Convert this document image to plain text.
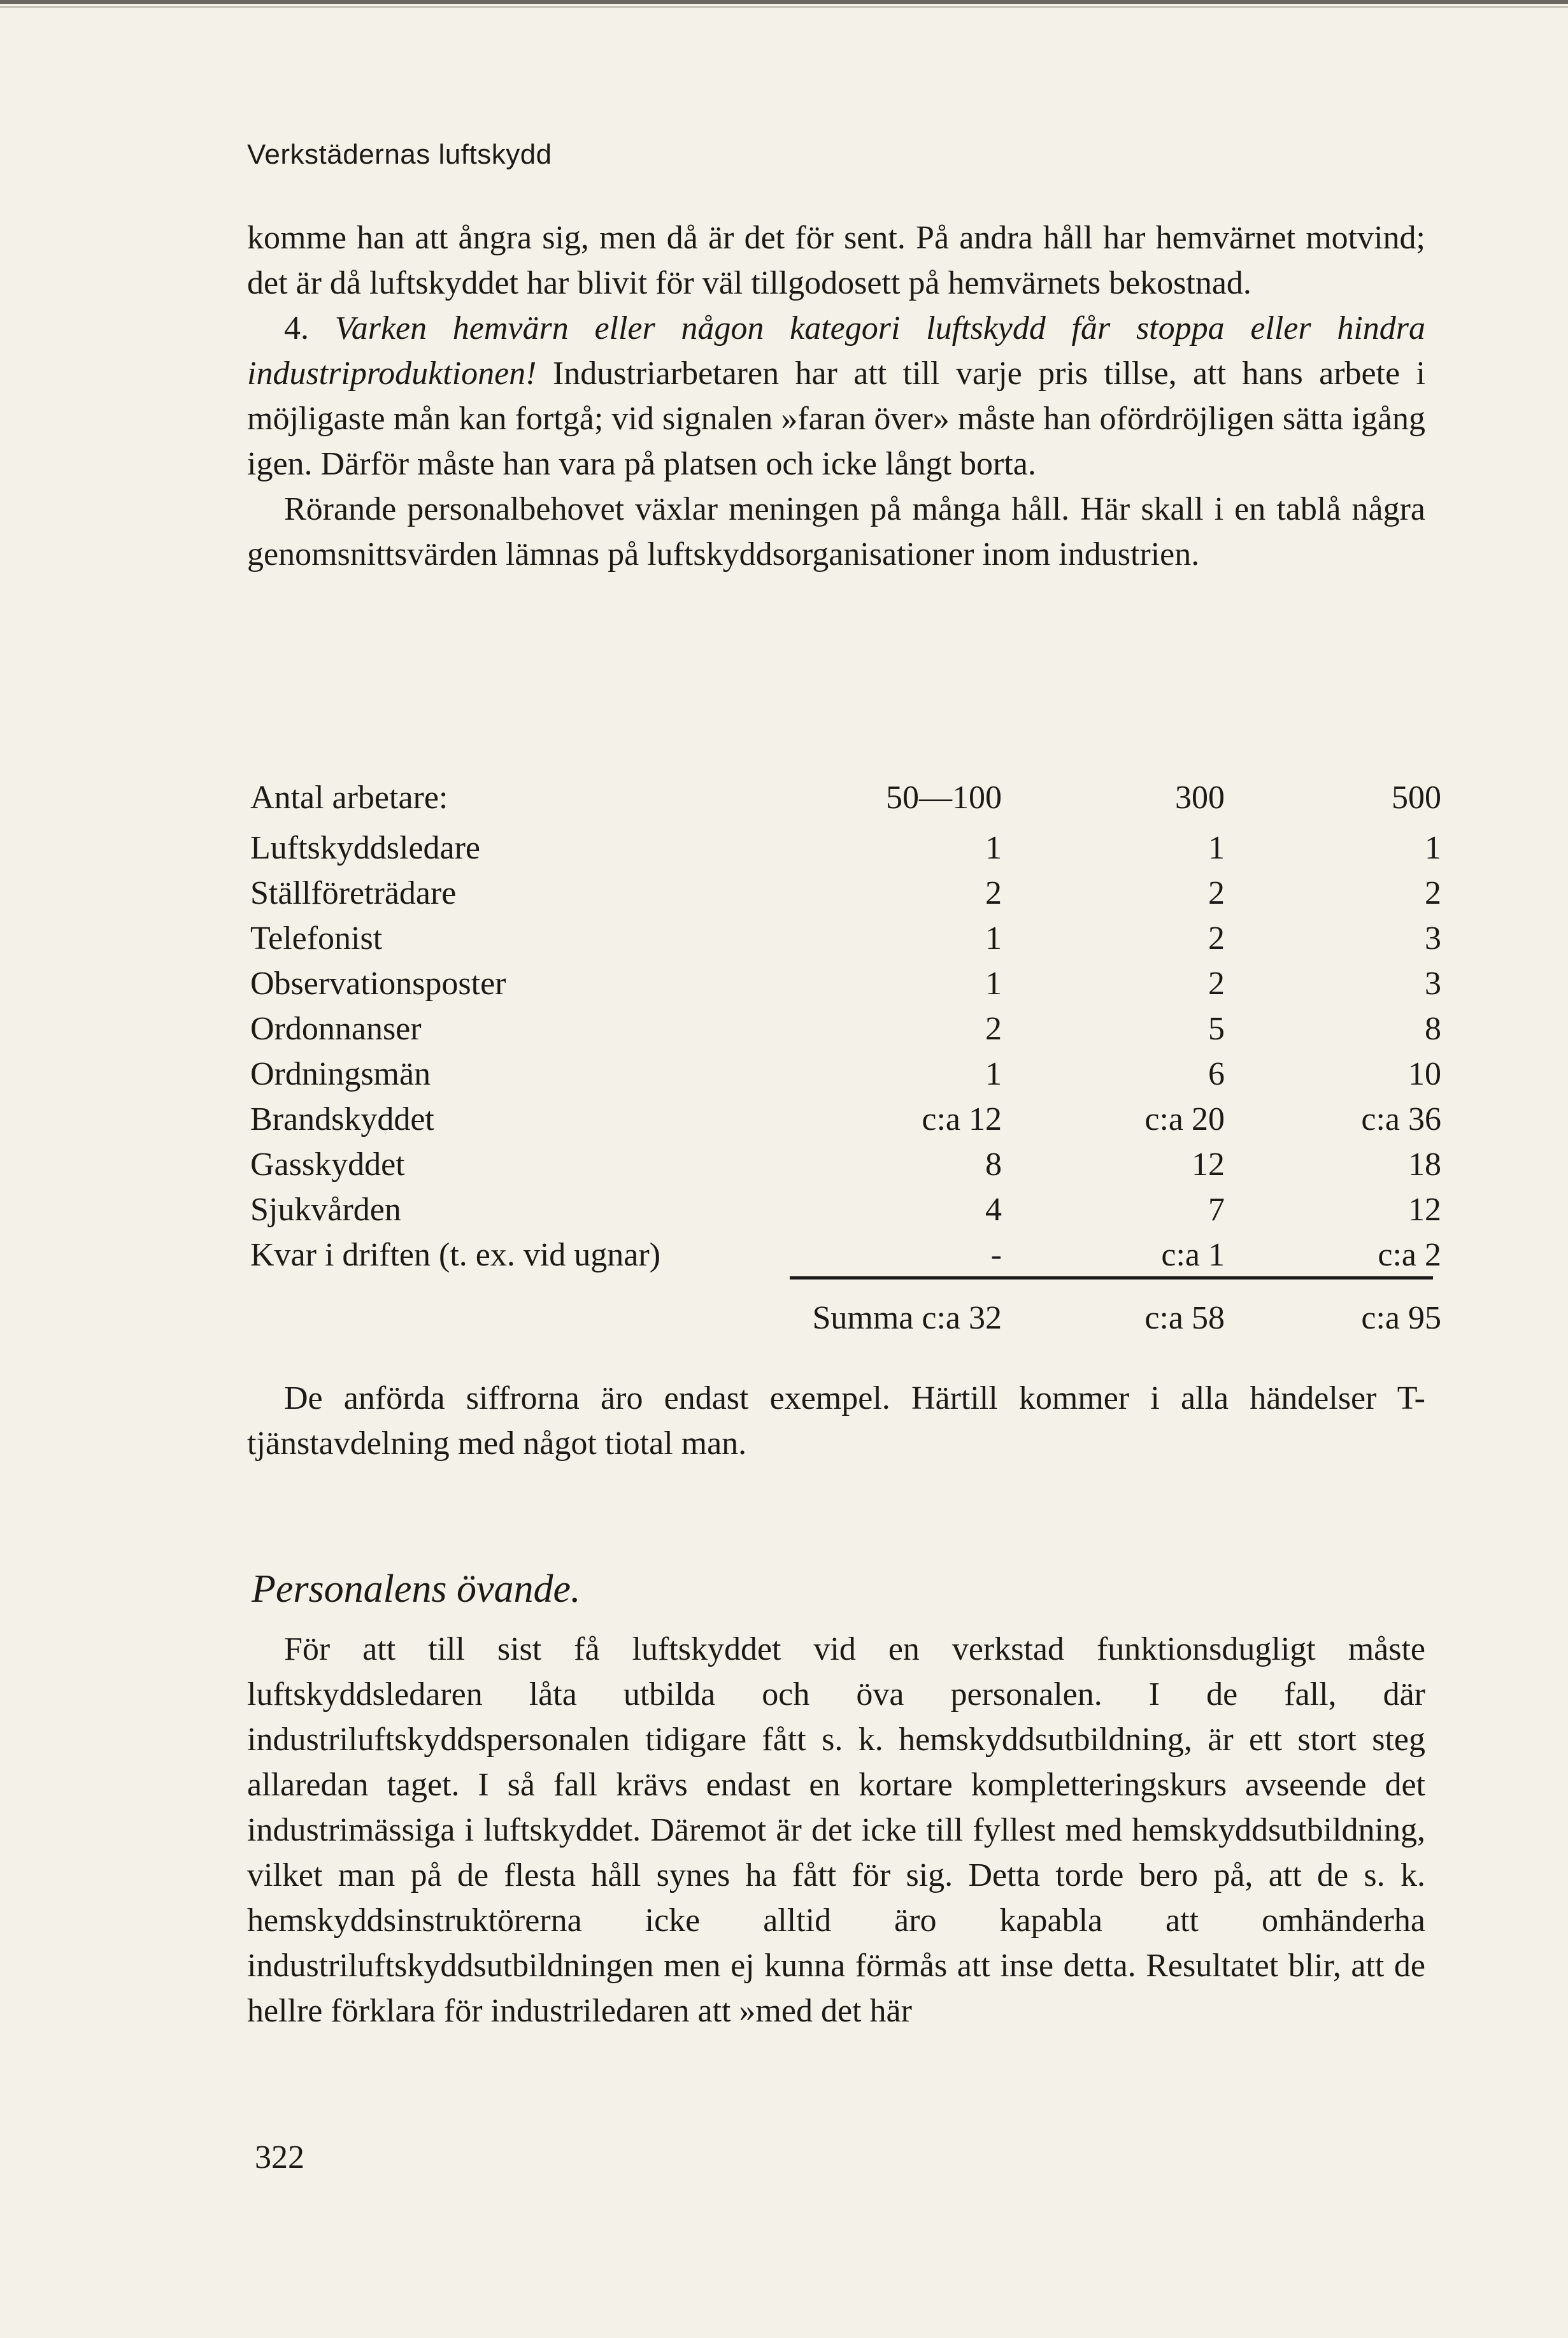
Verkstädernas luftskydd

komme han att ångra sig, men då är det för sent. På andra håll har hemvärnet motvind; det är då luftskyddet har blivit för väl tillgodosett på hemvärnets bekostnad.

4. Varken hemvärn eller någon kategori luftskydd får stoppa eller hindra industriproduktionen! Industriarbetaren har att till varje pris tillse, att hans arbete i möjligaste mån kan fortgå; vid signalen »faran över» måste han ofördröjligen sätta igång igen. Därför måste han vara på platsen och icke långt borta.

Rörande personalbehovet växlar meningen på många håll. Här skall i en tablå några genomsnittsvärden lämnas på luftskyddsorganisationer inom industrien.

Antal arbetare:	50—100	300	500
Luftskyddsledare	1	1	1
Ställföreträdare	2	2	2
Telefonist	1	2	3
Observationsposter	1	2	3
Ordonnanser	2	5	8
Ordningsmän	1	6	10
Brandskyddet	c:a 12	c:a 20	c:a 36
Gasskyddet	8	12	18
Sjukvården	4	7	12
Kvar i driften (t. ex. vid ugnar)	-	c:a 1	c:a 2
	Summa c:a 32	c:a 58	c:a 95

De anförda siffrorna äro endast exempel. Härtill kommer i alla händelser T-tjänstavdelning med något tiotal man.

Personalens övande.

För att till sist få luftskyddet vid en verkstad funktionsdugligt måste luftskyddsledaren låta utbilda och öva personalen. I de fall, där industriluftskyddspersonalen tidigare fått s. k. hemskyddsutbildning, är ett stort steg allaredan taget. I så fall krävs endast en kortare kompletteringskurs avseende det industrimässiga i luftskyddet. Däremot är det icke till fyllest med hemskyddsutbildning, vilket man på de flesta håll synes ha fått för sig. Detta torde bero på, att de s. k. hemskyddsinstruktörerna icke alltid äro kapabla att omhänderha industriluftskyddsutbildningen men ej kunna förmås att inse detta. Resultatet blir, att de hellre förklara för industriledaren att »med det här

322
